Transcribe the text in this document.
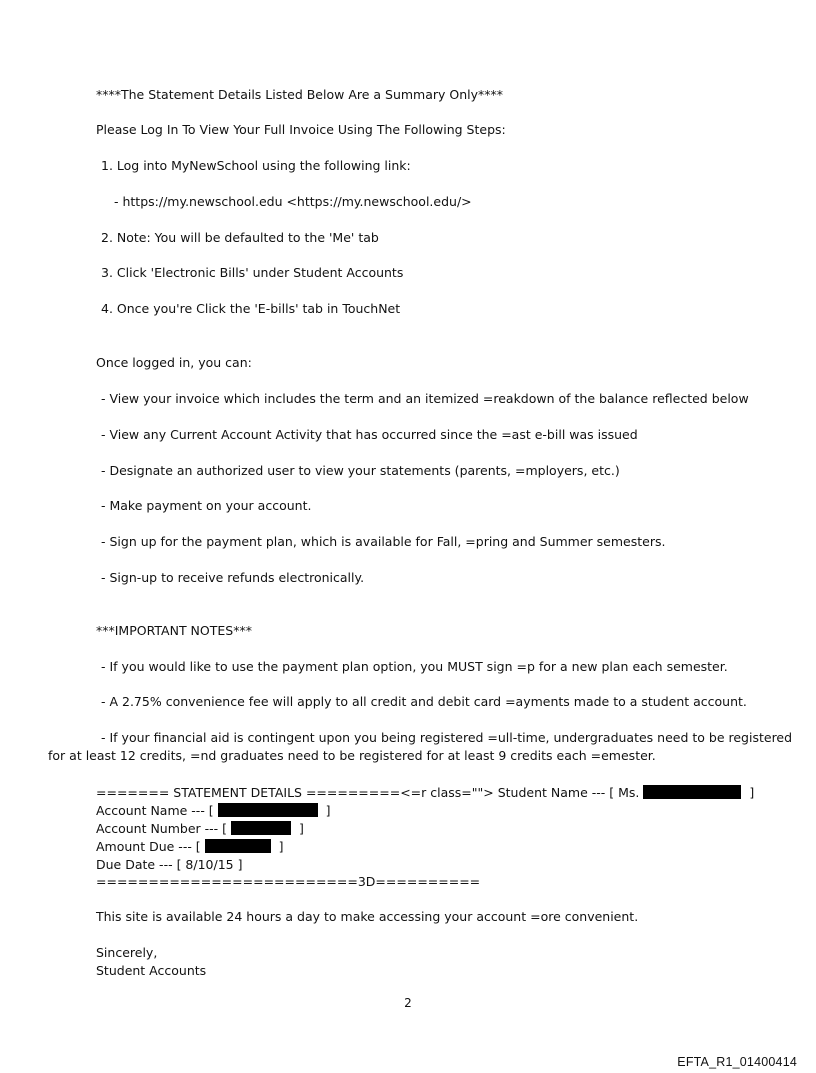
****The Statement Details Listed Below Are a Summary Only****
Please Log In To View Your Full Invoice Using The Following Steps:
1. Log into MyNewSchool using the following link:
- https://my.newschool.edu <https://my.newschool.edu/>
2. Note: You will be defaulted to the 'Me' tab
3. Click 'Electronic Bills' under Student Accounts
4. Once you're Click the 'E-bills' tab in TouchNet
Once logged in, you can:
- View your invoice which includes the term and an itemized =reakdown of the balance reflected below
- View any Current Account Activity that has occurred since the =ast e-bill was issued
- Designate an authorized user to view your statements (parents, =mployers, etc.)
- Make payment on your account.
- Sign up for the payment plan, which is available for Fall, =pring and Summer semesters.
- Sign-up to receive refunds electronically.
***IMPORTANT NOTES***
- If you would like to use the payment plan option, you MUST sign =p for a new plan each semester.
- A 2.75% convenience fee will apply to all credit and debit card =ayments made to a student account.
- If your financial aid is contingent upon you being registered =ull-time, undergraduates need to be registered
for at least 12 credits, =nd graduates need to be registered for at least 9 credits each =emester.
======= STATEMENT DETAILS =========<=r class=""> Student Name --- [ Ms.	]
Account Name --- [	]
Account Number --- [	]
Amount Due --- [	]
Due Date --- [ 8/10/15 ]
=========================3D==========
This site is available 24 hours a day to make accessing your account =ore convenient.
Sincerely,
Student Accounts
2
EFTA_R1_01400414
